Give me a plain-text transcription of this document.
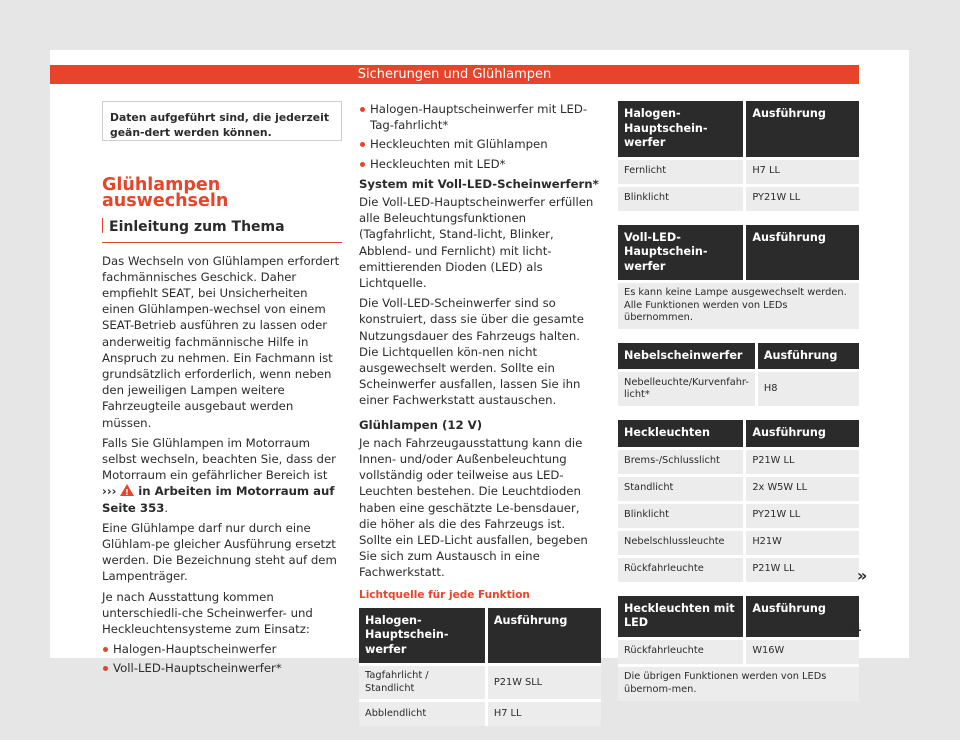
Sicherungen und Glühlampen
Daten aufgeführt sind, die jederzeit geän-dert werden können.
Glühlampen auswechseln
Einleitung zum Thema

Das Wechseln von Glühlampen erfordert fachmännisches Geschick. Daher empfiehlt SEAT, bei Unsicherheiten einen Glühlampen-wechsel von einem SEAT-Betrieb ausführen zu lassen oder anderweitig fachmännische Hilfe in Anspruch zu nehmen. Ein Fachmann ist grundsätzlich erforderlich, wenn neben den jeweiligen Lampen weitere Fahrzeugteile ausgebaut werden müssen.

Falls Sie Glühlampen im Motorraum selbst wechseln, beachten Sie, dass der Motorraum ein gefährlicher Bereich ist ››› ! in Arbeiten im Motorraum auf Seite 353.

Eine Glühlampe darf nur durch eine Glühlam-pe gleicher Ausführung ersetzt werden. Die Bezeichnung steht auf dem Lampenträger.

Je nach Ausstattung kommen unterschiedli-che Scheinwerfer- und Heckleuchtensysteme zum Einsatz:

Halogen-Hauptscheinwerfer
Voll-LED-Hauptscheinwerfer*
Halogen-Hauptscheinwerfer mit LED-Tag-fahrlicht*
Heckleuchten mit Glühlampen
Heckleuchten mit LED*
System mit Voll-LED-Scheinwerfern*

Die Voll-LED-Hauptscheinwerfer erfüllen alle Beleuchtungsfunktionen (Tagfahrlicht, Stand-licht, Blinker, Abblend- und Fernlicht) mit licht-emittierenden Dioden (LED) als Lichtquelle.

Die Voll-LED-Scheinwerfer sind so konstruiert, dass sie über die gesamte Nutzungsdauer des Fahrzeugs halten. Die Lichtquellen kön-nen nicht ausgewechselt werden. Sollte ein Scheinwerfer ausfallen, lassen Sie ihn einer Fachwerkstatt austauschen.

Glühlampen (12 V)

Je nach Fahrzeugausstattung kann die Innen- und/oder Außenbeleuchtung vollständig oder teilweise aus LED-Leuchten bestehen. Die Leuchtdioden haben eine geschätzte Le-bensdauer, die höher als die des Fahrzeugs ist. Sollte ein LED-Licht ausfallen, begeben Sie sich zum Austausch in eine Fachwerkstatt.

Lichtquelle für jede Funktion
Halogen-Hauptschein-werfer	Ausführung
Tagfahrlicht / Standlicht	P21W SLL
Abblendlicht	H7 LL
Halogen-Hauptschein-werfer	Ausführung
Fernlicht	H7 LL
Blinklicht	PY21W LL
Voll-LED-Hauptschein-werfer	Ausführung
Es kann keine Lampe ausgewechselt werden. Alle Funktionen werden von LEDs übernommen.
Nebelscheinwerfer	Ausführung
Nebelleuchte/Kurvenfahr-licht*	H8
Heckleuchten	Ausführung
Brems-/Schlusslicht	P21W LL
Standlicht	2x W5W LL
Blinklicht	PY21W LL
Nebelschlussleuchte	H21W
Rückfahrleuchte	P21W LL
Heckleuchten mit LED	Ausführung
Rückfahrleuchte	W16W
Die übrigen Funktionen werden von LEDs übernom-men.	
»
61
